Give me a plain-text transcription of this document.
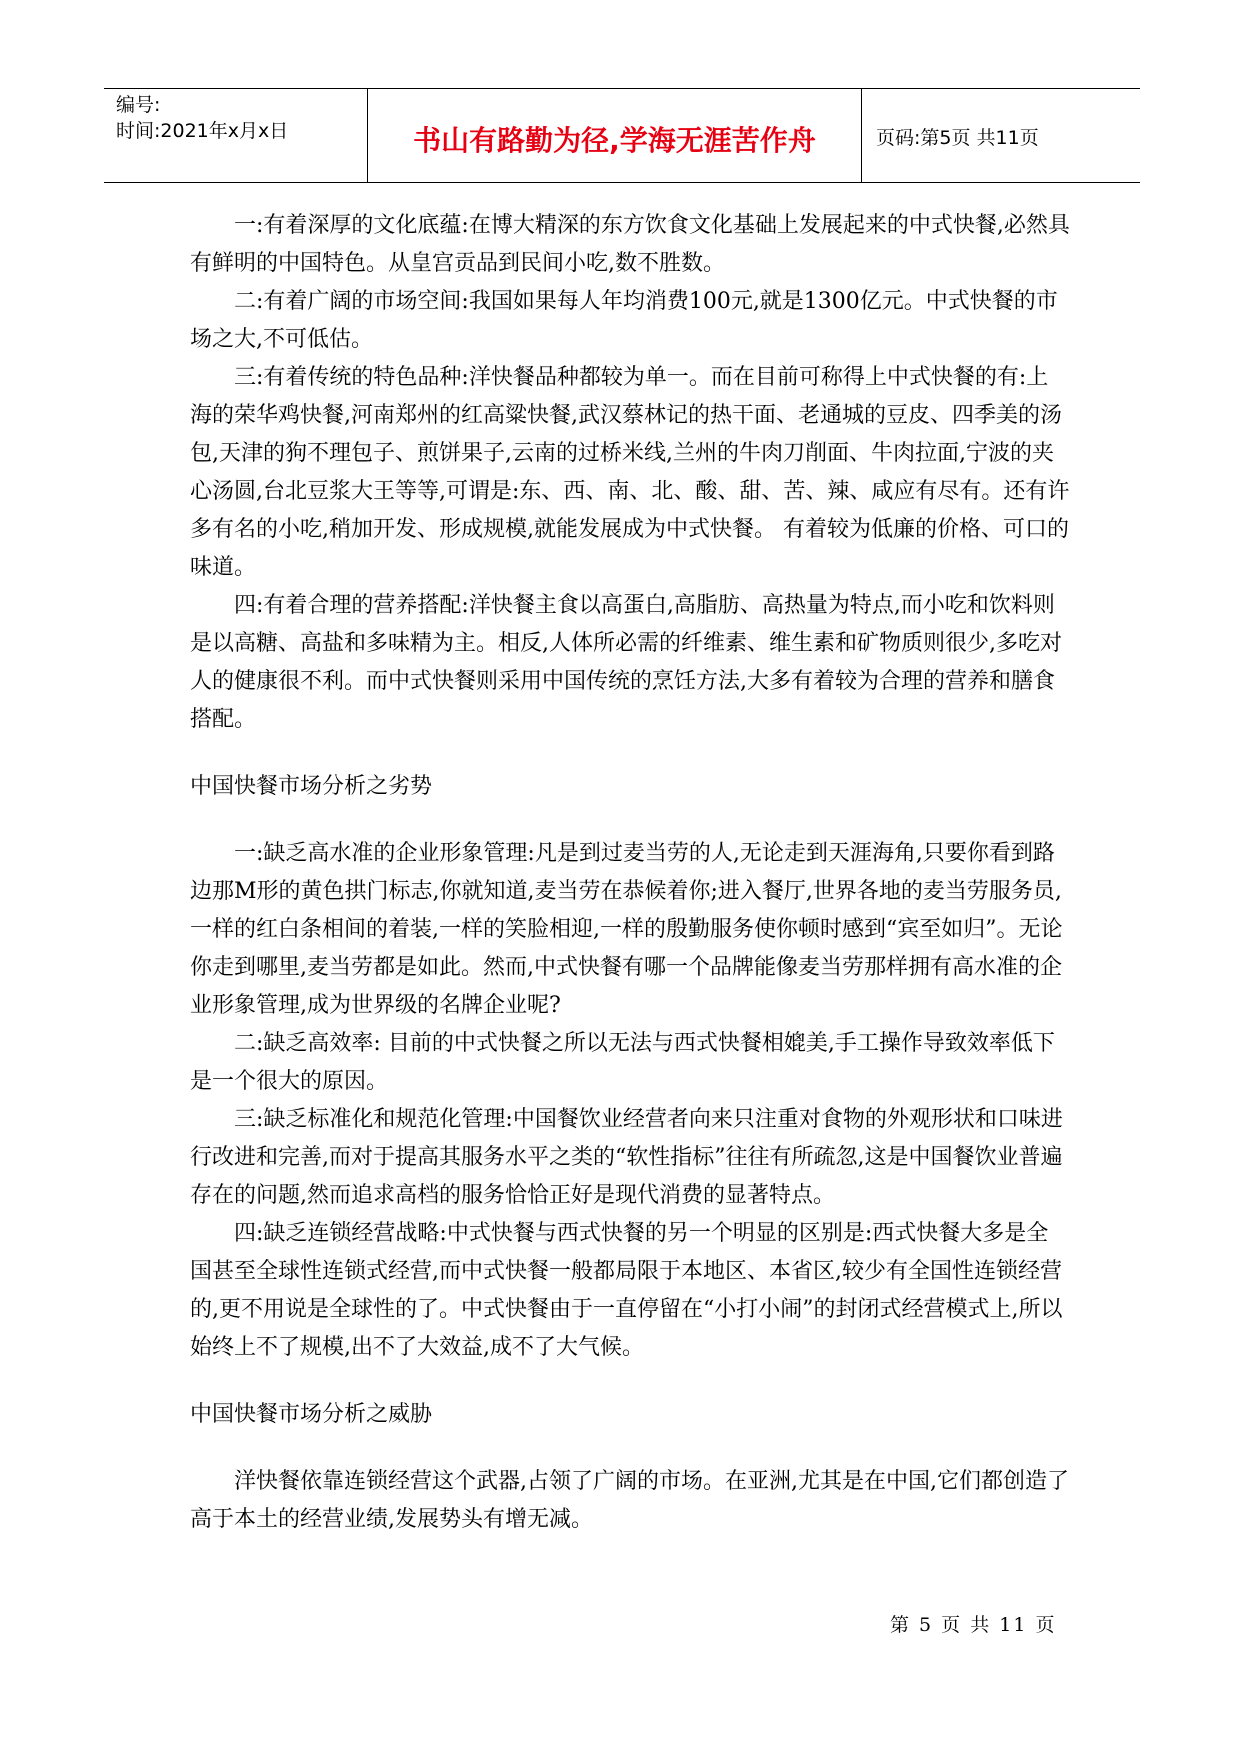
编号:
时间:2021年x月x日	书山有路勤为径,学海无涯苦作舟	页码:第5页 共11页

一:有着深厚的文化底蕴:在博大精深的东方饮食文化基础上发展起来的中式快餐,必然具有鲜明的中国特色。从皇宫贡品到民间小吃,数不胜数。

二:有着广阔的市场空间:我国如果每人年均消费100元,就是1300亿元。中式快餐的市场之大,不可低估。

三:有着传统的特色品种:洋快餐品种都较为单一。而在目前可称得上中式快餐的有:上海的荣华鸡快餐,河南郑州的红高粱快餐,武汉蔡林记的热干面、老通城的豆皮、四季美的汤包,天津的狗不理包子、煎饼果子,云南的过桥米线,兰州的牛肉刀削面、牛肉拉面,宁波的夹心汤圆,台北豆浆大王等等,可谓是:东、西、南、北、酸、甜、苦、辣、咸应有尽有。还有许多有名的小吃,稍加开发、形成规模,就能发展成为中式快餐。 有着较为低廉的价格、可口的味道。

四:有着合理的营养搭配:洋快餐主食以高蛋白,高脂肪、高热量为特点,而小吃和饮料则是以高糖、高盐和多味精为主。相反,人体所必需的纤维素、维生素和矿物质则很少,多吃对人的健康很不利。而中式快餐则采用中国传统的烹饪方法,大多有着较为合理的营养和膳食搭配。

中国快餐市场分析之劣势

一:缺乏高水准的企业形象管理:凡是到过麦当劳的人,无论走到天涯海角,只要你看到路边那M形的黄色拱门标志,你就知道,麦当劳在恭候着你;进入餐厅,世界各地的麦当劳服务员,一样的红白条相间的着装,一样的笑脸相迎,一样的殷勤服务使你顿时感到“宾至如归”。无论你走到哪里,麦当劳都是如此。然而,中式快餐有哪一个品牌能像麦当劳那样拥有高水准的企业形象管理,成为世界级的名牌企业呢?

二:缺乏高效率: 目前的中式快餐之所以无法与西式快餐相媲美,手工操作导致效率低下是一个很大的原因。

三:缺乏标准化和规范化管理:中国餐饮业经营者向来只注重对食物的外观形状和口味进行改进和完善,而对于提高其服务水平之类的“软性指标”往往有所疏忽,这是中国餐饮业普遍存在的问题,然而追求高档的服务恰恰正好是现代消费的显著特点。

四:缺乏连锁经营战略:中式快餐与西式快餐的另一个明显的区别是:西式快餐大多是全国甚至全球性连锁式经营,而中式快餐一般都局限于本地区、本省区,较少有全国性连锁经营的,更不用说是全球性的了。中式快餐由于一直停留在“小打小闹”的封闭式经营模式上,所以始终上不了规模,出不了大效益,成不了大气候。

中国快餐市场分析之威胁

洋快餐依靠连锁经营这个武器,占领了广阔的市场。在亚洲,尤其是在中国,它们都创造了高于本土的经营业绩,发展势头有增无减。

第 5 页 共 11 页
